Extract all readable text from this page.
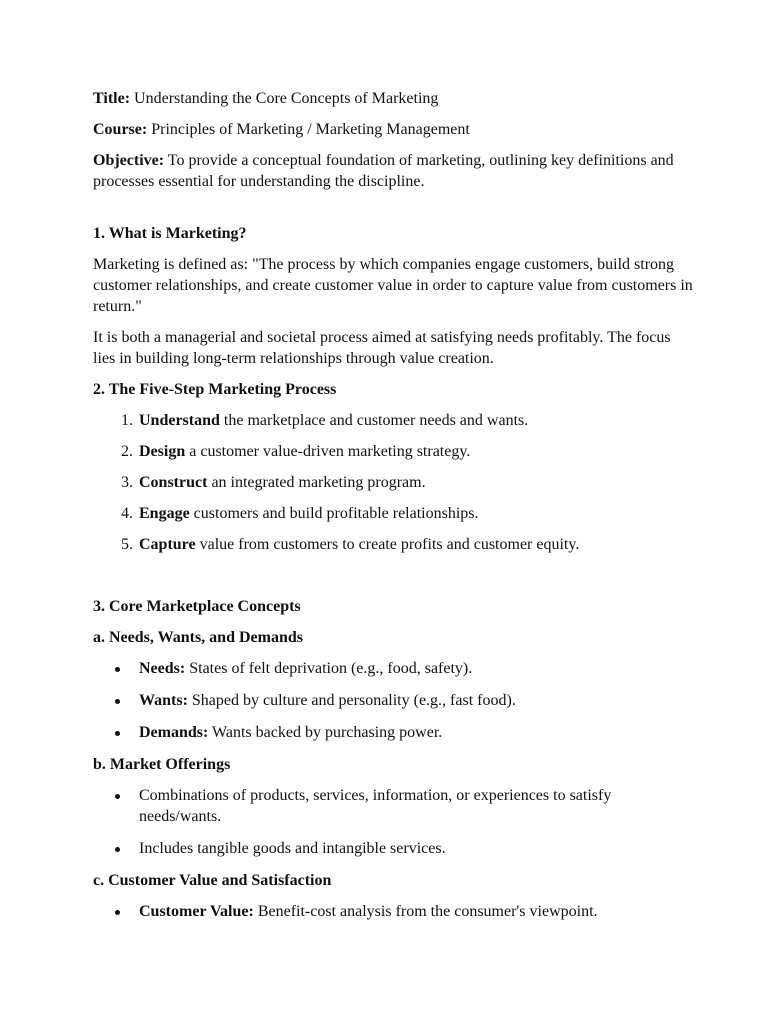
Title: Understanding the Core Concepts of Marketing

Course: Principles of Marketing / Marketing Management

Objective: To provide a conceptual foundation of marketing, outlining key definitions and processes essential for understanding the discipline.

1. What is Marketing?

Marketing is defined as: "The process by which companies engage customers, build strong customer relationships, and create customer value in order to capture value from customers in return."

It is both a managerial and societal process aimed at satisfying needs profitably. The focus lies in building long-term relationships through value creation.

2. The Five-Step Marketing Process

1. Understand the marketplace and customer needs and wants.
2. Design a customer value-driven marketing strategy.
3. Construct an integrated marketing program.
4. Engage customers and build profitable relationships.
5. Capture value from customers to create profits and customer equity.

3. Core Marketplace Concepts

a. Needs, Wants, and Demands

Needs: States of felt deprivation (e.g., food, safety).
Wants: Shaped by culture and personality (e.g., fast food).
Demands: Wants backed by purchasing power.

b. Market Offerings

Combinations of products, services, information, or experiences to satisfy needs/wants.
Includes tangible goods and intangible services.

c. Customer Value and Satisfaction

Customer Value: Benefit-cost analysis from the consumer's viewpoint.
